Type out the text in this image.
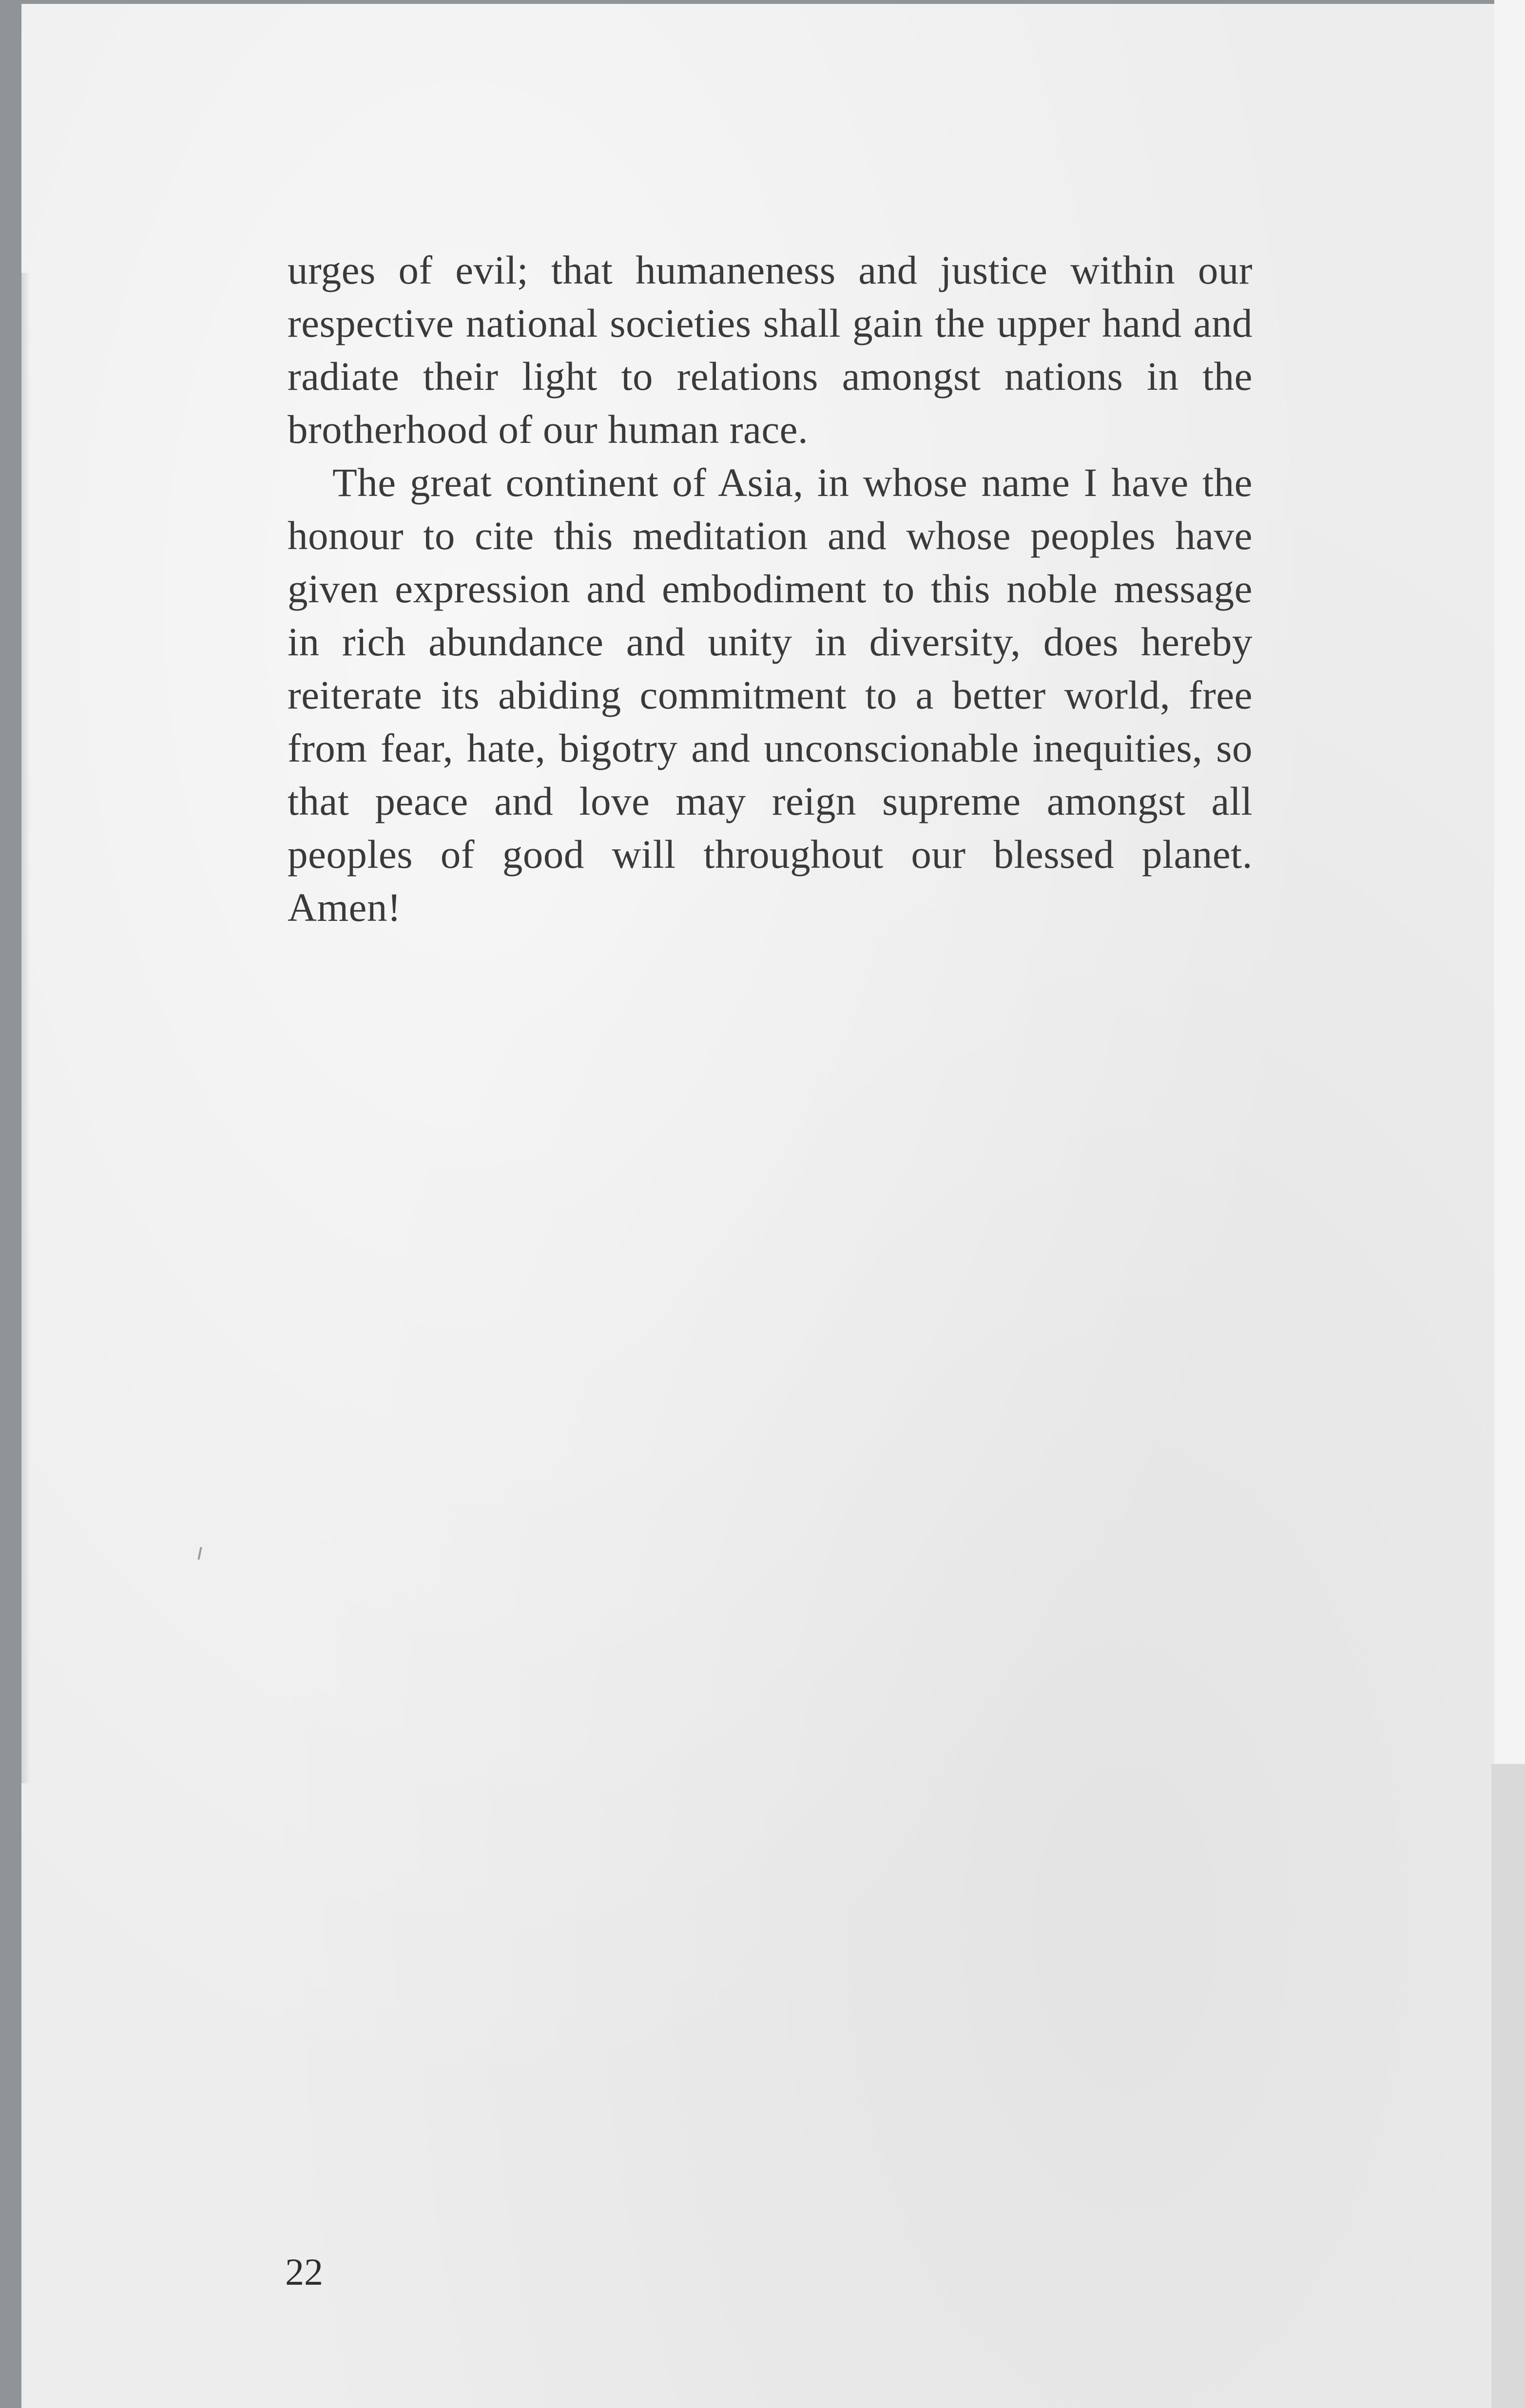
urges of evil; that humaneness and justice within our respective national societies shall gain the upper hand and radiate their light to relations amongst nations in the brotherhood of our human race.

The great continent of Asia, in whose name I have the honour to cite this meditation and whose peoples have given expression and embodiment to this noble message in rich abundance and unity in diversity, does hereby reiterate its abiding commitment to a better world, free from fear, hate, bigotry and unconscionable inequities, so that peace and love may reign supreme amongst all peoples of good will throughout our blessed planet. Amen!

22
